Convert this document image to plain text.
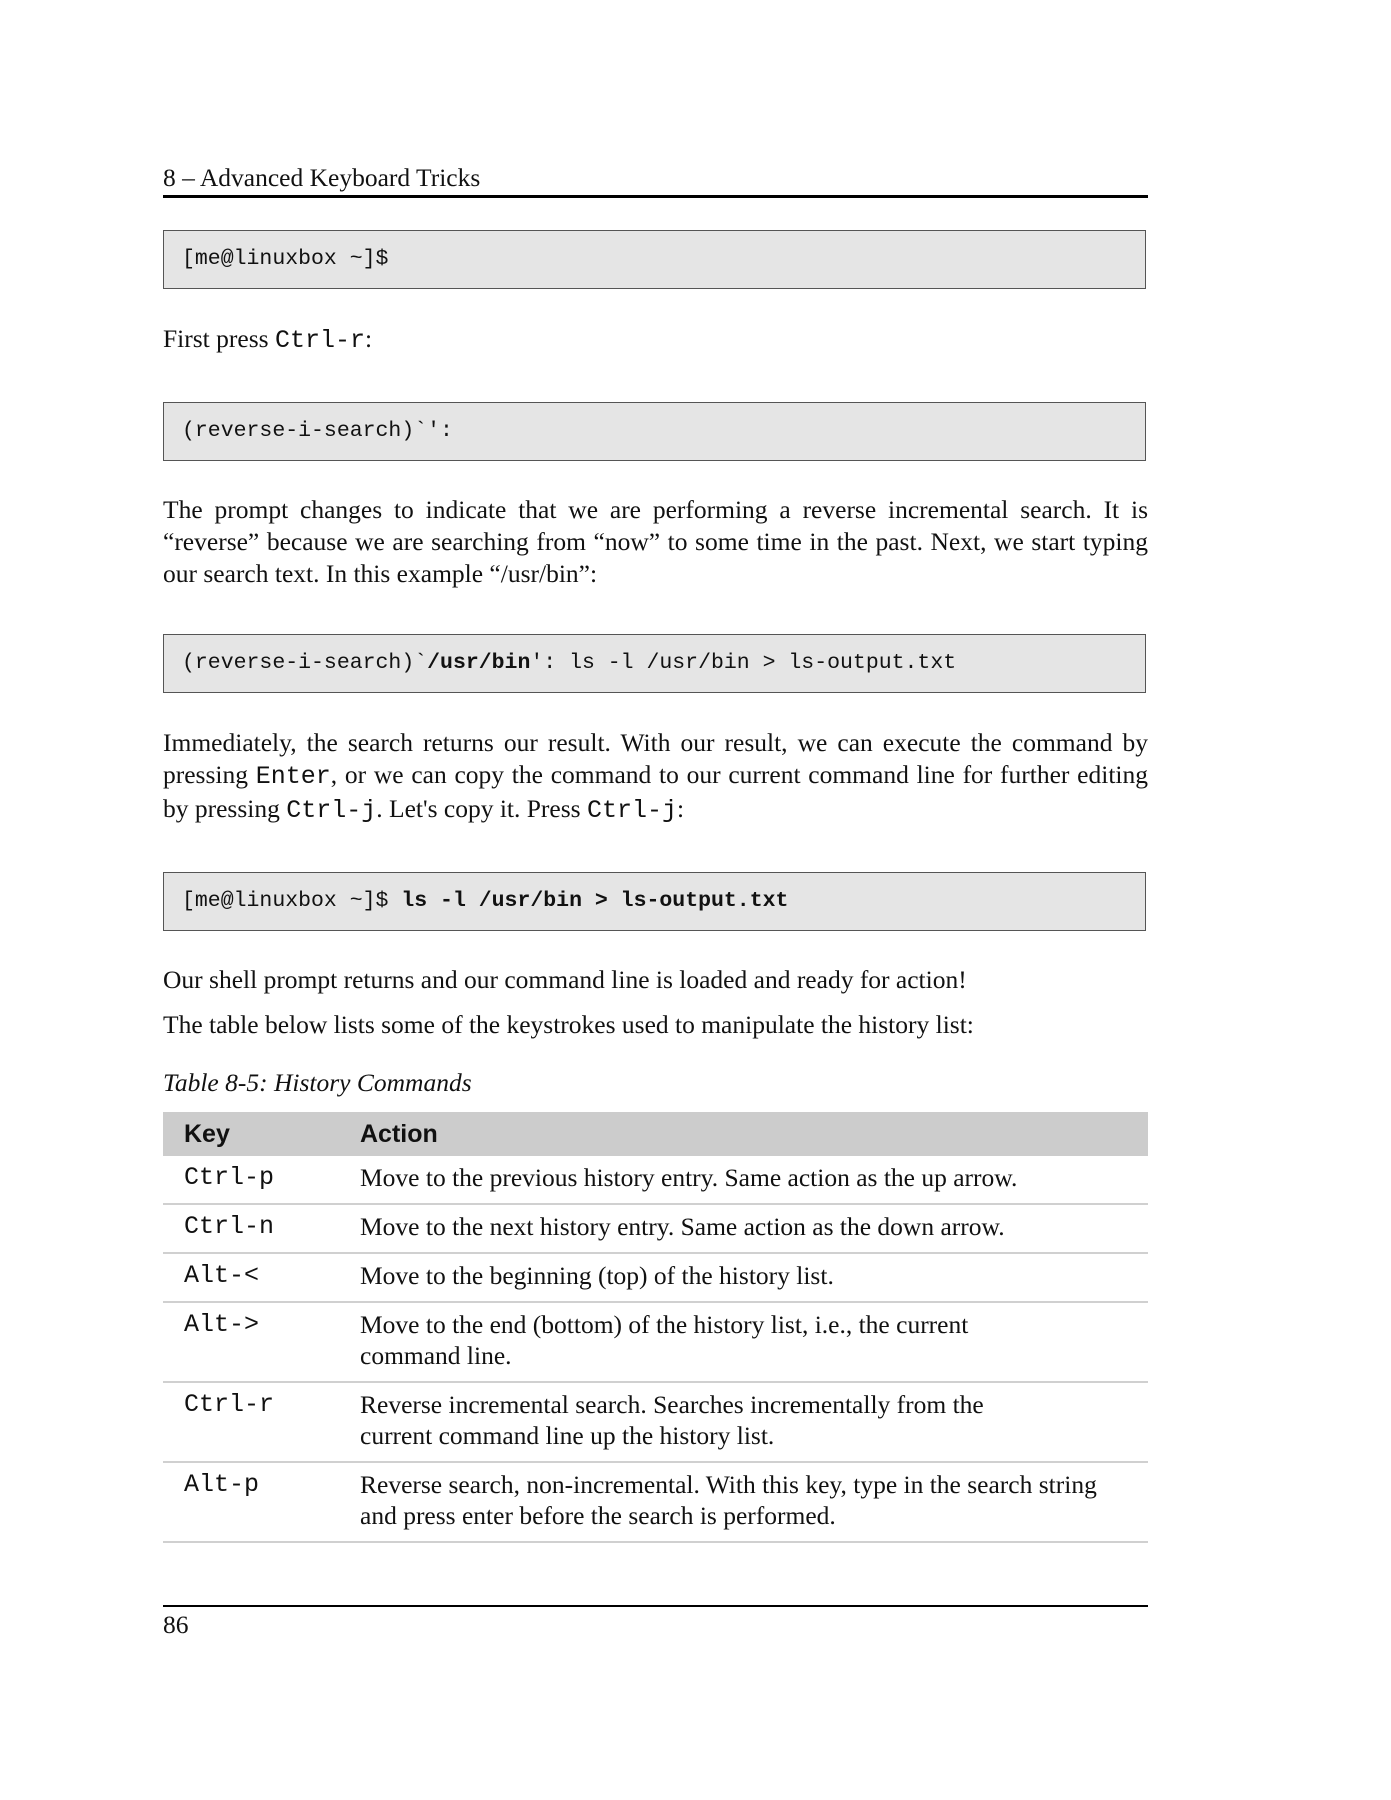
8 – Advanced Keyboard Tricks
[me@linuxbox ~]$
First press Ctrl-r:
(reverse-i-search)`':
The prompt changes to indicate that we are performing a reverse incremental search. It is “reverse” because we are searching from “now” to some time in the past. Next, we start typing our search text. In this example “/usr/bin”:
(reverse-i-search)`/usr/bin': ls -l /usr/bin > ls-output.txt
Immediately, the search returns our result. With our result, we can execute the command by pressing Enter, or we can copy the command to our current command line for further editing by pressing Ctrl-j. Let's copy it. Press Ctrl-j:
[me@linuxbox ~]$ ls -l /usr/bin > ls-output.txt
Our shell prompt returns and our command line is loaded and ready for action!
The table below lists some of the keystrokes used to manipulate the history list:
Table 8-5: History Commands
Key	Action
Ctrl-p	Move to the previous history entry. Same action as the up arrow.
Ctrl-n	Move to the next history entry. Same action as the down arrow.
Alt-<	Move to the beginning (top) of the history list.
Alt->	Move to the end (bottom) of the history list, i.e., the current command line.
Ctrl-r	Reverse incremental search. Searches incrementally from the current command line up the history list.
Alt-p	Reverse search, non-incremental. With this key, type in the search string and press enter before the search is performed.
86
